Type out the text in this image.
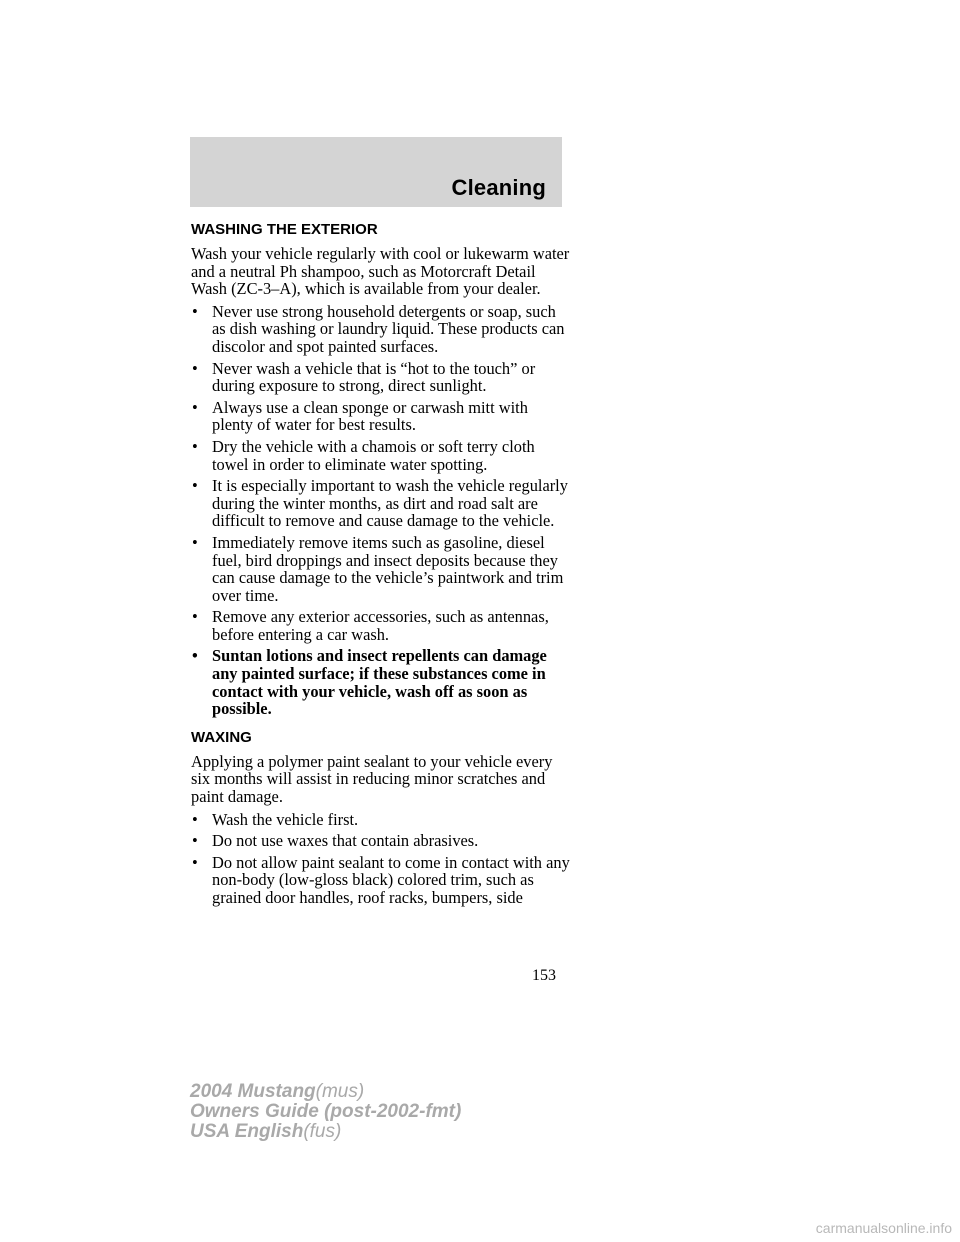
Cleaning
WASHING THE EXTERIOR

Wash your vehicle regularly with cool or lukewarm water and a neutral Ph shampoo, such as Motorcraft Detail Wash (ZC-3–A), which is available from your dealer.

• Never use strong household detergents or soap, such as dish washing or laundry liquid. These products can discolor and spot painted surfaces.
• Never wash a vehicle that is “hot to the touch” or during exposure to strong, direct sunlight.
• Always use a clean sponge or carwash mitt with plenty of water for best results.
• Dry the vehicle with a chamois or soft terry cloth towel in order to eliminate water spotting.
• It is especially important to wash the vehicle regularly during the winter months, as dirt and road salt are difficult to remove and cause damage to the vehicle.
• Immediately remove items such as gasoline, diesel fuel, bird droppings and insect deposits because they can cause damage to the vehicle’s paintwork and trim over time.
• Remove any exterior accessories, such as antennas, before entering a car wash.
• Suntan lotions and insect repellents can damage any painted surface; if these substances come in contact with your vehicle, wash off as soon as possible.
WAXING

Applying a polymer paint sealant to your vehicle every six months will assist in reducing minor scratches and paint damage.

• Wash the vehicle first.
• Do not use waxes that contain abrasives.
• Do not allow paint sealant to come in contact with any non-body (low-gloss black) colored trim, such as grained door handles, roof racks, bumpers, side
153
2004 Mustang(mus)
Owners Guide (post-2002-fmt)
USA English(fus)
carmanualsonline.info
